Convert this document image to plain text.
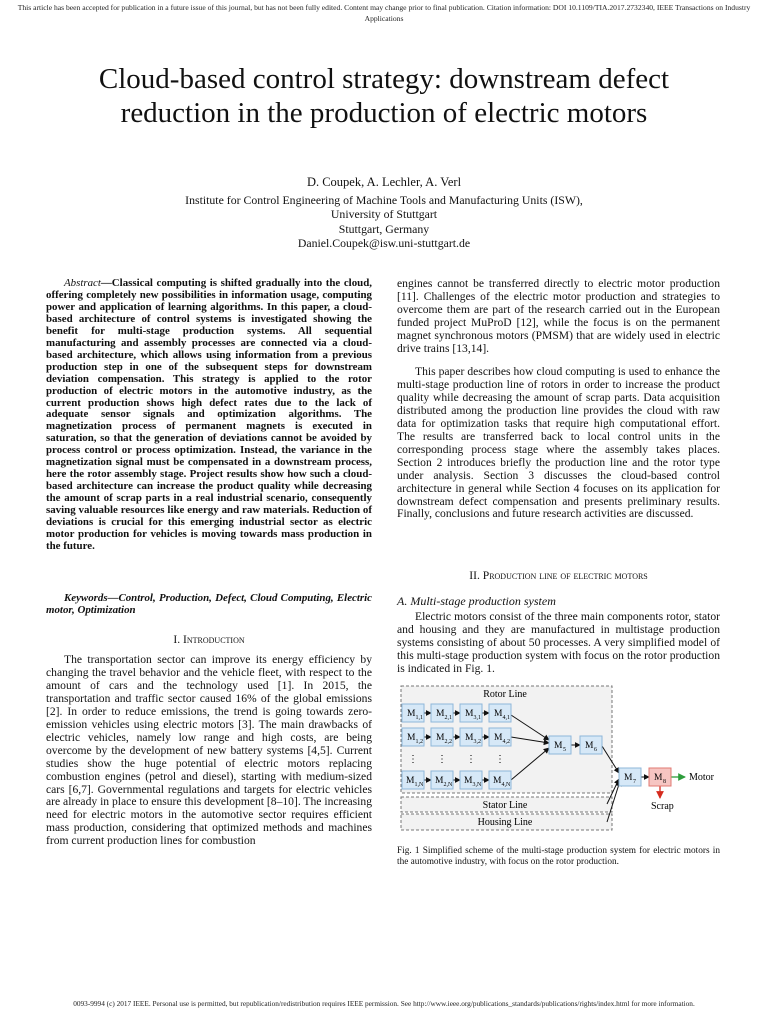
This article has been accepted for publication in a future issue of this journal, but has not been fully edited. Content may change prior to final publication. Citation information: DOI 10.1109/TIA.2017.2732340, IEEE Transactions on Industry Applications
Cloud-based control strategy: downstream defect
reduction in the production of electric motors
D. Coupek, A. Lechler, A. Verl
Institute for Control Engineering of Machine Tools and Manufacturing Units (ISW),
University of Stuttgart
Stuttgart, Germany
Daniel.Coupek@isw.uni-stuttgart.de
Abstract—Classical computing is shifted gradually into the cloud, offering completely new possibilities in information usage, computing power and application of learning algorithms. In this paper, a cloud-based architecture of control systems is investigated showing the benefit for multi-stage production systems. All sequential manufacturing and assembly processes are connected via a cloud-based architecture, which allows using information from a previous production step in one of the subsequent steps for downstream deviation compensation. This strategy is applied to the rotor production of electric motors in the automotive industry, as the current production shows high defect rates due to the lack of adequate sensor signals and optimization algorithms. The magnetization process of permanent magnets is executed in saturation, so that the generation of deviations cannot be avoided by process control or process optimization. Instead, the variance in the magnetization signal must be compensated in a downstream process, here the rotor assembly stage. Project results show how such a cloud-based architecture can increase the product quality while decreasing the amount of scrap parts in a real industrial scenario, consequently saving valuable resources like energy and raw materials. Reduction of deviations is crucial for this emerging industrial sector as electric motor production for vehicles is moving towards mass production in the future.
Keywords—Control, Production, Defect, Cloud Computing, Electric motor, Optimization
I. Introduction
The transportation sector can improve its energy efficiency by changing the travel behavior and the vehicle fleet, with respect to the amount of cars and the technology used [1]. In 2015, the transportation and traffic sector caused 16% of the global emissions [2]. In order to reduce emissions, the trend is going towards zero-emission vehicles using electric motors [3]. The main drawbacks of electric vehicles, namely low range and high costs, are being overcome by the development of new battery systems [4,5]. Current studies show the huge potential of electric motors replacing combustion engines (petrol and diesel), starting with medium-sized cars [6,7]. Governmental regulations and targets for electric vehicles are already in place to ensure this development [8–10]. The increasing need for electric motors in the automotive sector requires efficient mass production, considering that optimized methods and machines from current production lines for combustion
engines cannot be transferred directly to electric motor production [11]. Challenges of the electric motor production and strategies to overcome them are part of the research carried out in the European funded project MuProD [12], while the focus is on the permanent magnet synchronous motors (PMSM) that are widely used in electric drive trains [13,14].
This paper describes how cloud computing is used to enhance the multi-stage production line of rotors in order to increase the product quality while decreasing the amount of scrap parts. Data acquisition distributed among the production line provides the cloud with raw data for optimization tasks that require high computational effort. The results are transferred back to local control units in the corresponding process stage where the assembly takes places. Section 2 introduces briefly the production line and the rotor type under analysis. Section 3 discusses the cloud-based control architecture in general while Section 4 focuses on its application for downstream defect compensation and presents preliminary results. Finally, conclusions and future research activities are discussed.
II. Production line of electric motors
A. Multi-stage production system
Electric motors consist of the three main components rotor, stator and housing and they are manufactured in multistage production systems consisting of about 50 processes. A very simplified model of this multi-stage production system with focus on the rotor production is indicated in Fig. 1.
Rotor Line
Stator Line
Housing Line
M 1,1 M 2,1 M 3,1 M 4,1
M 1,2 M 2,2 M 3,2 M 4,2
⋮ ⋮ ⋮ ⋮
M 1,N M 2,N M 3,N M 4,N
M 5 M 6
M 7 M 8 Motor
Scrap
Fig. 1 Simplified scheme of the multi-stage production system for electric motors in the automotive industry, with focus on the rotor production.
0093-9994 (c) 2017 IEEE. Personal use is permitted, but republication/redistribution requires IEEE permission. See http://www.ieee.org/publications_standards/publications/rights/index.html for more information.
